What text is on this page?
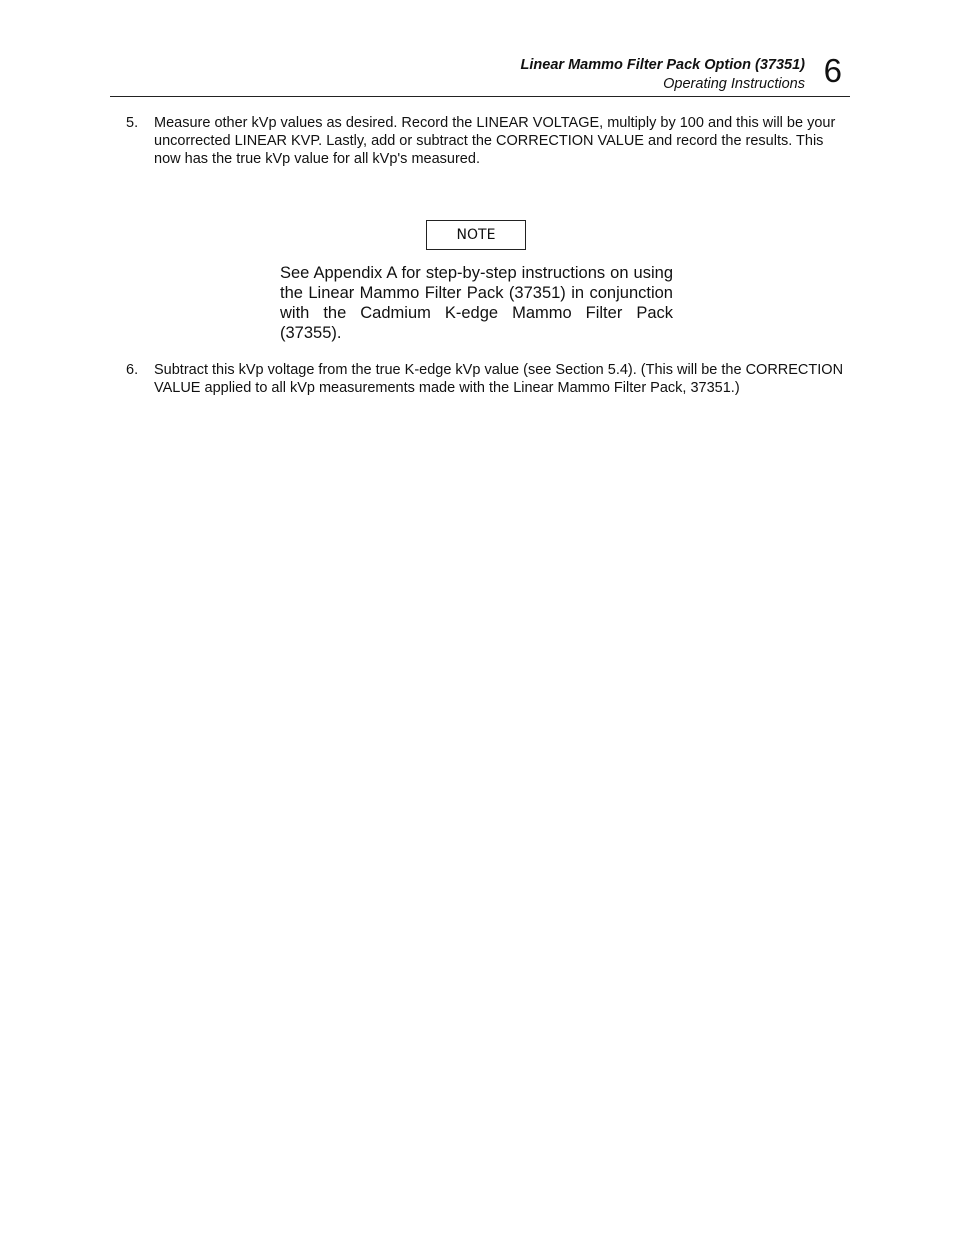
Linear Mammo Filter Pack Option (37351)
Operating Instructions 6
5. Measure other kVp values as desired. Record the LINEAR VOLTAGE, multiply by 100 and this will be your uncorrected LINEAR KVP. Lastly, add or subtract the CORRECTION VALUE and record the results. This now has the true kVp value for all kVp's measured.
NOTE
See Appendix A for step-by-step instructions on using the Linear Mammo Filter Pack (37351) in conjunction with the Cadmium K-edge Mammo Filter Pack (37355).
6. Subtract this kVp voltage from the true K-edge kVp value (see Section 5.4). (This will be the CORRECTION VALUE applied to all kVp measurements made with the Linear Mammo Filter Pack, 37351.)
